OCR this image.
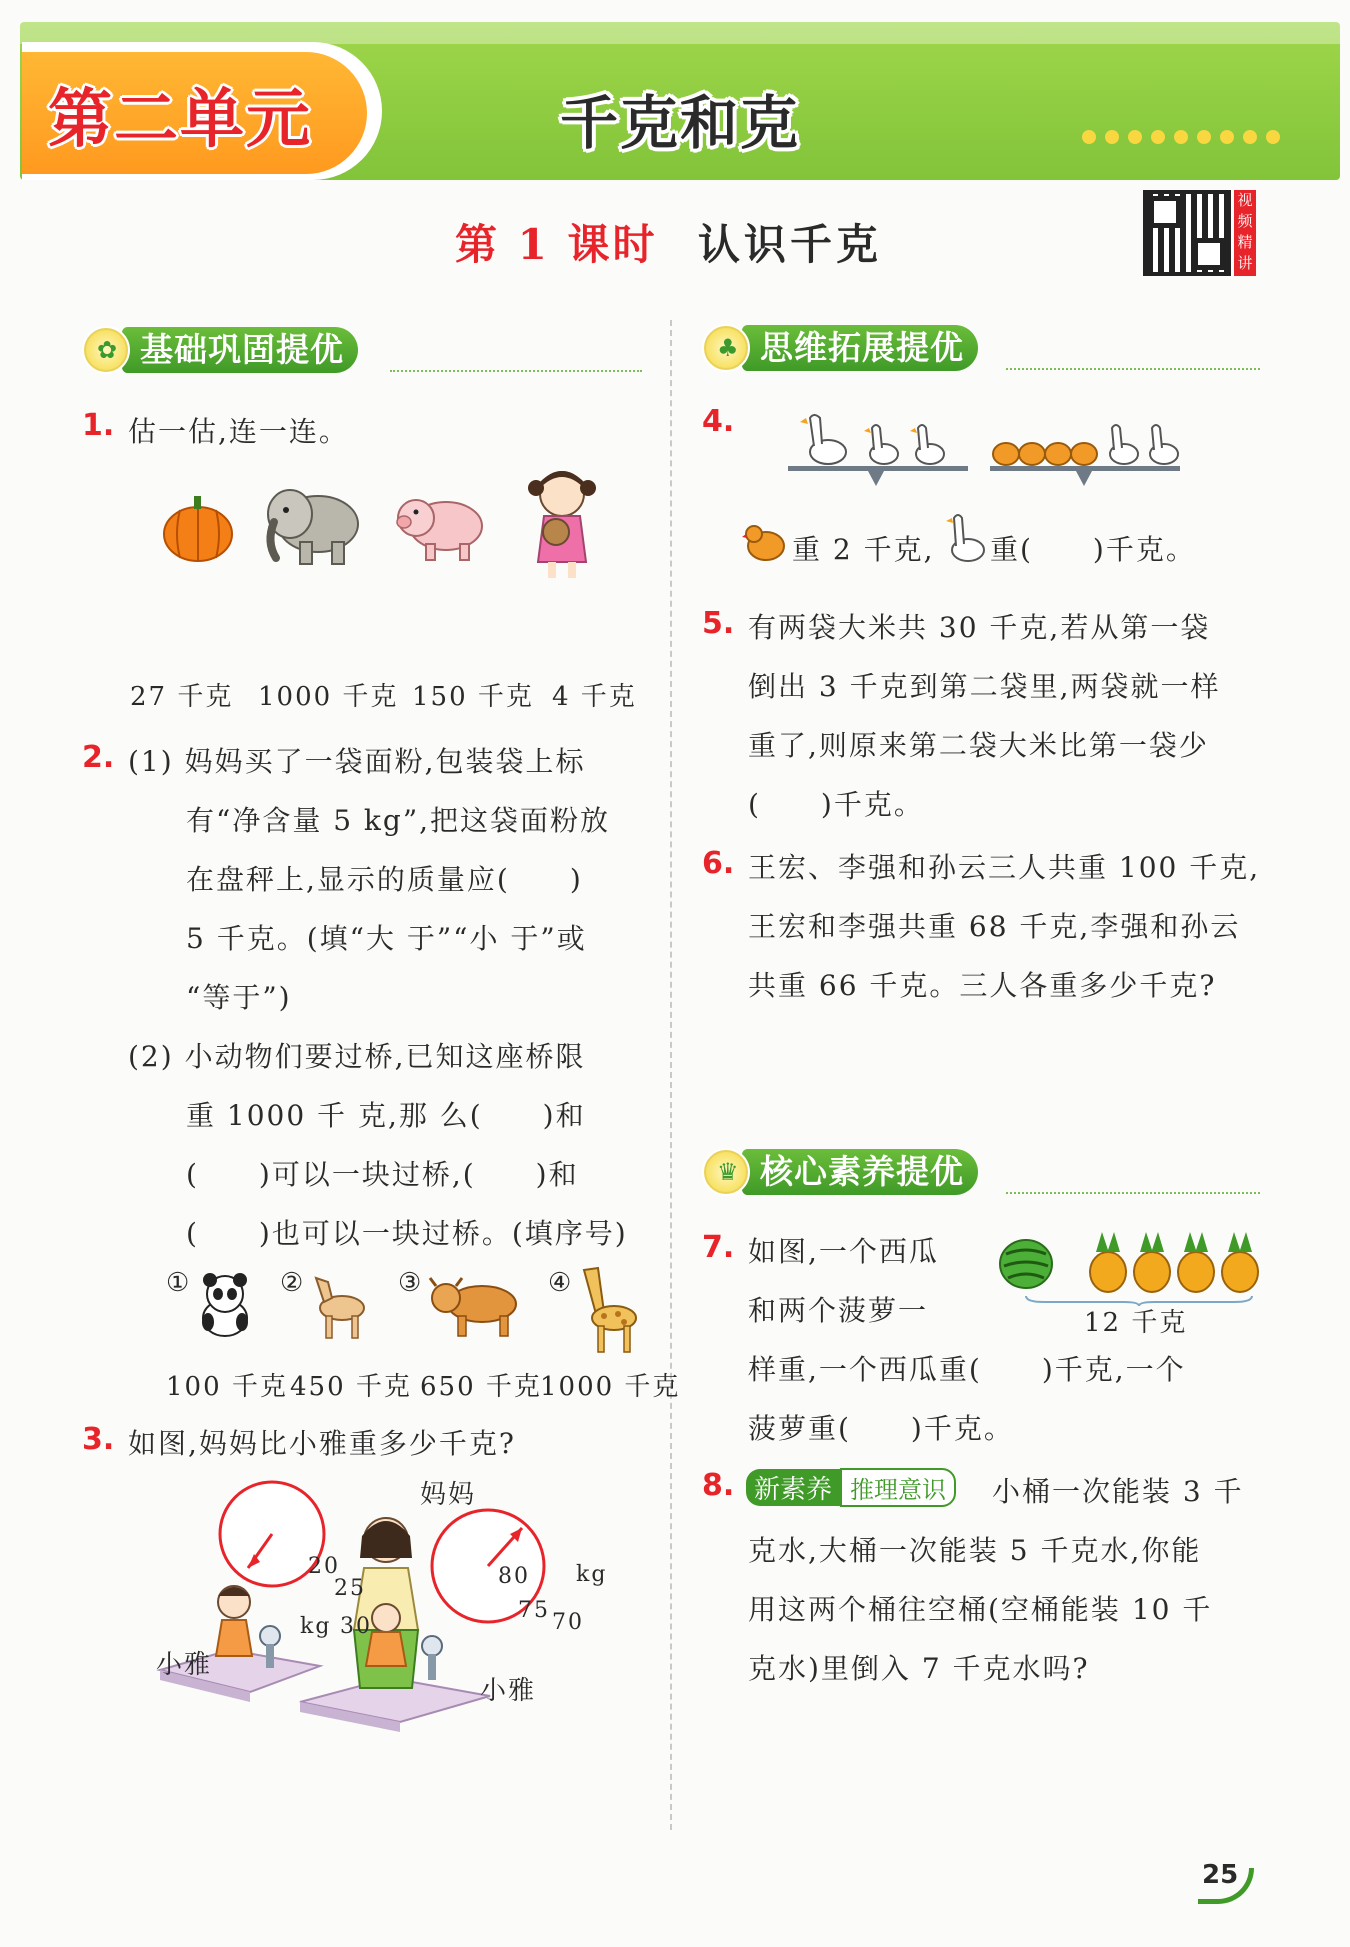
第二单元	千克和克
第 1 课时 认识千克
视频精讲
✿ 基础巩固提优	♣ 思维拓展提优
♛ 核心素养提优
1. 估一估,连一连。
27 千克 1000 千克 150 千克 4 千克
2. (1) 妈妈买了一袋面粉,包装袋上标
有“净含量 5 kg”,把这袋面粉放
在盘秤上,显示的质量应(　　)
5 千克。(填“大 于”“小 于”或
“等于”)
(2) 小动物们要过桥,已知这座桥限
重 1000 千 克,那 么(　　)和
(　　)可以一块过桥,(　　)和
(　　)也可以一块过桥。(填序号)
①	②	③	④
100 千克 450 千克 650 千克
1000 千克
3. 如图,妈妈比小雅重多少千克?
妈妈
小雅
小雅
20
25
kg 30
80 kg
75 70
4.
重 2 千克, 重(　　)千克。
5. 有两袋大米共 30 千克,若从第一袋
倒出 3 千克到第二袋里,两袋就一样
重了,则原来第二袋大米比第一袋少
(　　)千克。
6. 王宏、李强和孙云三人共重 100 千克,
王宏和李强共重 68 千克,李强和孙云
共重 66 千克。三人各重多少千克?
7. 如图,一个西瓜
和两个菠萝一
样重,一个西瓜重(　　)千克,一个
菠萝重(　　)千克。
12 千克
8. 新素养 推理意识	小桶一次能装 3 千
克水,大桶一次能装 5 千克水,你能
用这两个桶往空桶(空桶能装 10 千
克水)里倒入 7 千克水吗?
25
